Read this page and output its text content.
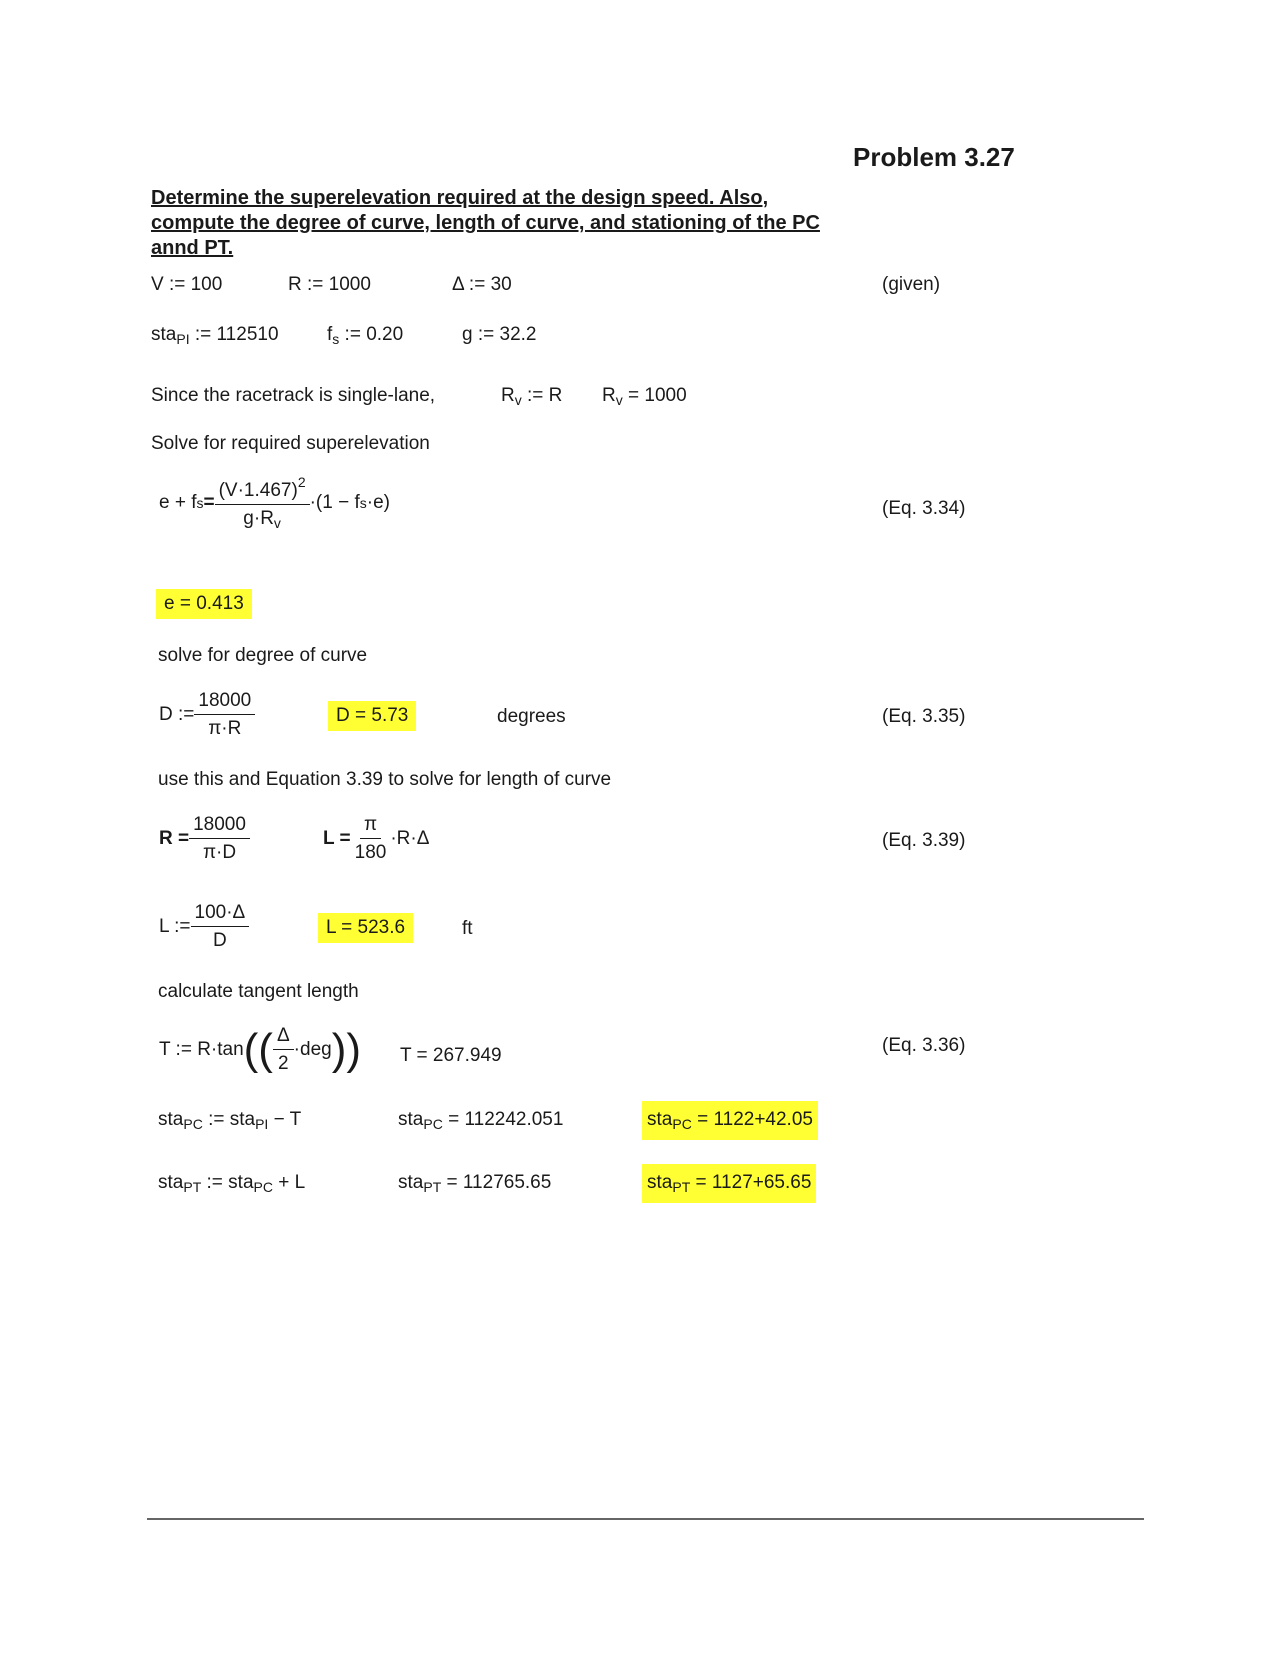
Problem 3.27
Determine the superelevation required at the design speed. Also, compute the degree of curve, length of curve, and stationing of the PC annd PT.
V := 100	R := 1000	Δ := 30	(given)
sta$_{PI}$ := 112510	$f_s$ := 0.20	g := 32.2
Since the racetrack is single-lane,	$R_v$ := R $R_v = 1000$
Solve for required superelevation
e + f $s = \frac{(V\cdot 1.467)^2}{g\cdot R_v}$ ·( 1 − f s ·e )	(Eq. 3.34)
e = 0.413
solve for degree of curve
D := $\frac{18000}{\pi\cdot R}$	D = 5.73	degrees	(Eq. 3.35)
use this and Equation 3.39 to solve for length of curve
$R = \frac{18000}{\pi\cdot D}$	$L = \frac{\pi}{180} \cdot R\cdot\Delta$	(Eq. 3.39)
L := $\frac{100\cdot\Delta}{D}$	L = 523.6	ft
calculate tangent length
T := R·tan (( $\frac{\Delta}{2} \cdot deg$ )) T = 267.949	(Eq. 3.36)
sta$_{PC}$ := sta$_{PI}$ − T	sta$_{PC}$ = 112242.051	sta$_{PC}$ = 1122+42.05
sta$_{PT}$ := sta$_{PC}$ + L	sta$_{PT}$ = 112765.65	sta$_{PT}$ = 1127+65.65
